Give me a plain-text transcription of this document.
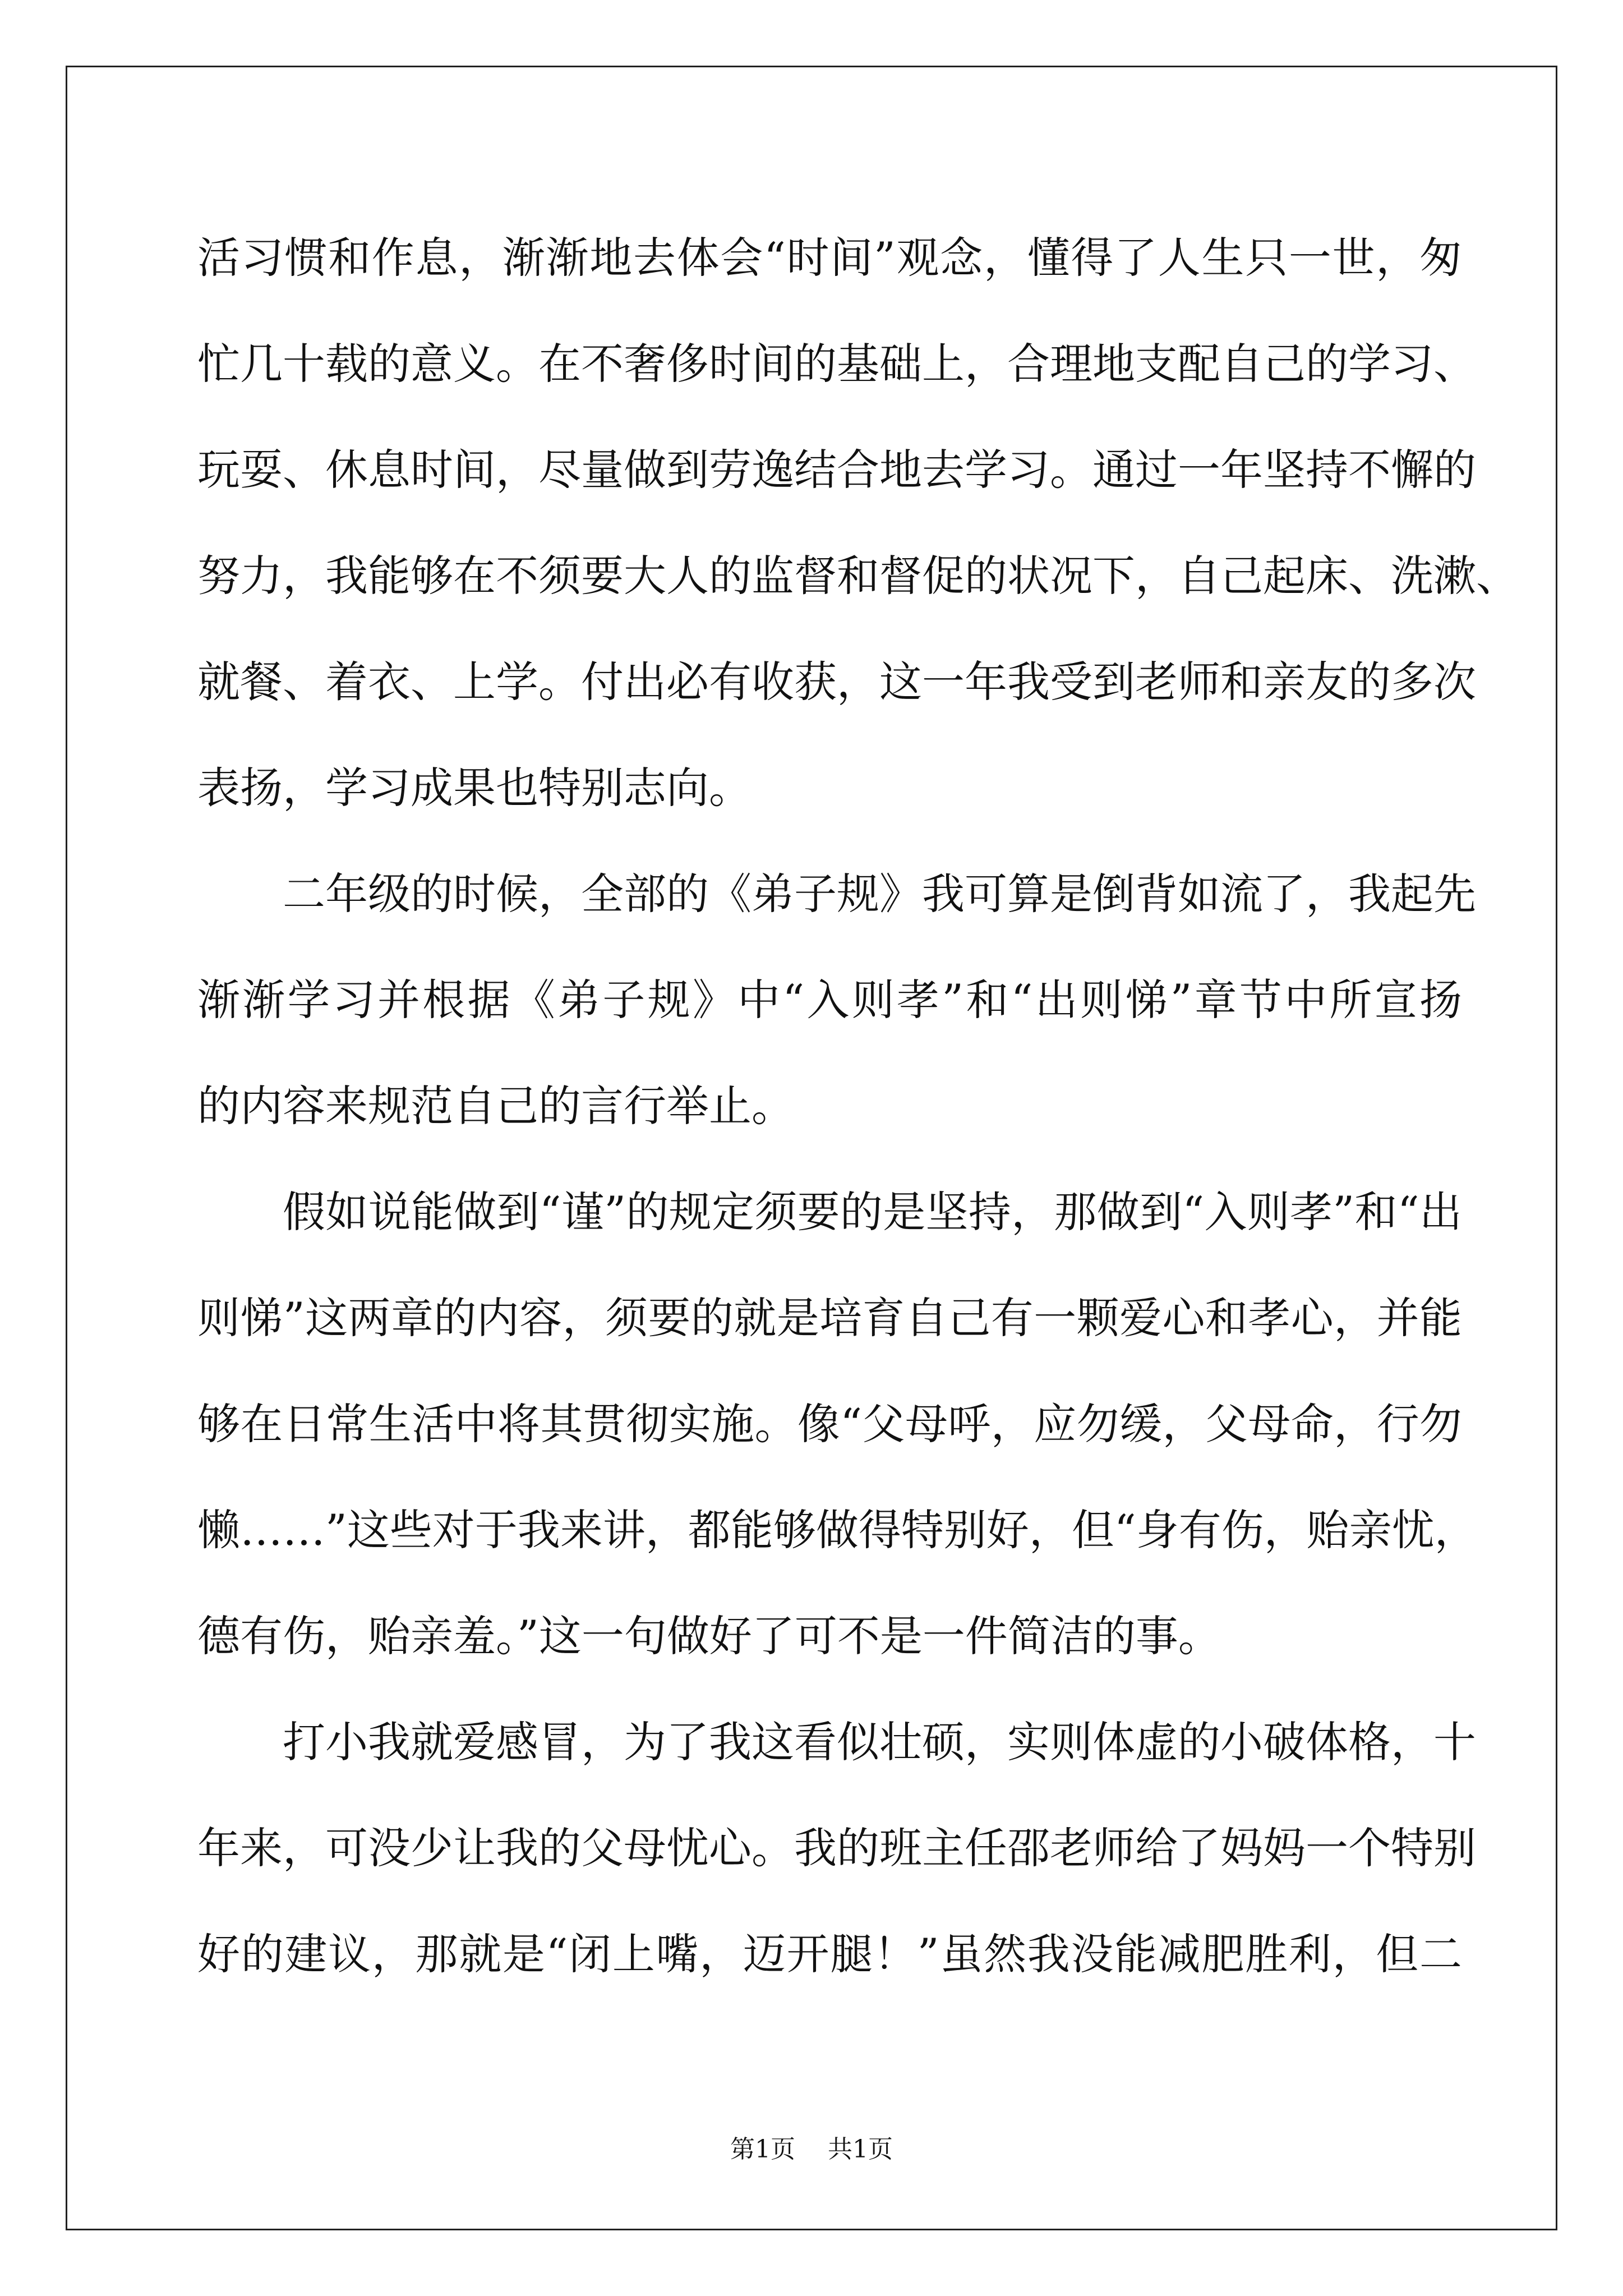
活习惯和作息，渐渐地去体会“时间”观念，懂得了人生只一世，匆
忙几十载的意义。在不奢侈时间的基础上，合理地支配自己的学习、
玩耍、休息时间，尽量做到劳逸结合地去学习。通过一年坚持不懈的
努力，我能够在不须要大人的监督和督促的状况下，自己起床、洗漱、
就餐、着衣、上学。付出必有收获，这一年我受到老师和亲友的多次
表扬，学习成果也特别志向。
二年级的时候，全部的《弟子规》我可算是倒背如流了，我起先
渐渐学习并根据《弟子规》中“入则孝”和“出则悌”章节中所宣扬
的内容来规范自己的言行举止。
假如说能做到“谨”的规定须要的是坚持，那做到“入则孝”和“出
则悌”这两章的内容，须要的就是培育自己有一颗爱心和孝心，并能
够在日常生活中将其贯彻实施。像“父母呼，应勿缓，父母命，行勿
懒……”这些对于我来讲，都能够做得特别好，但“身有伤，贻亲忧，
德有伤，贻亲羞。”这一句做好了可不是一件简洁的事。
打小我就爱感冒，为了我这看似壮硕，实则体虚的小破体格，十
年来，可没少让我的父母忧心。我的班主任邵老师给了妈妈一个特别
好的建议，那就是“闭上嘴，迈开腿！”虽然我没能减肥胜利，但二
第1页 共1页
